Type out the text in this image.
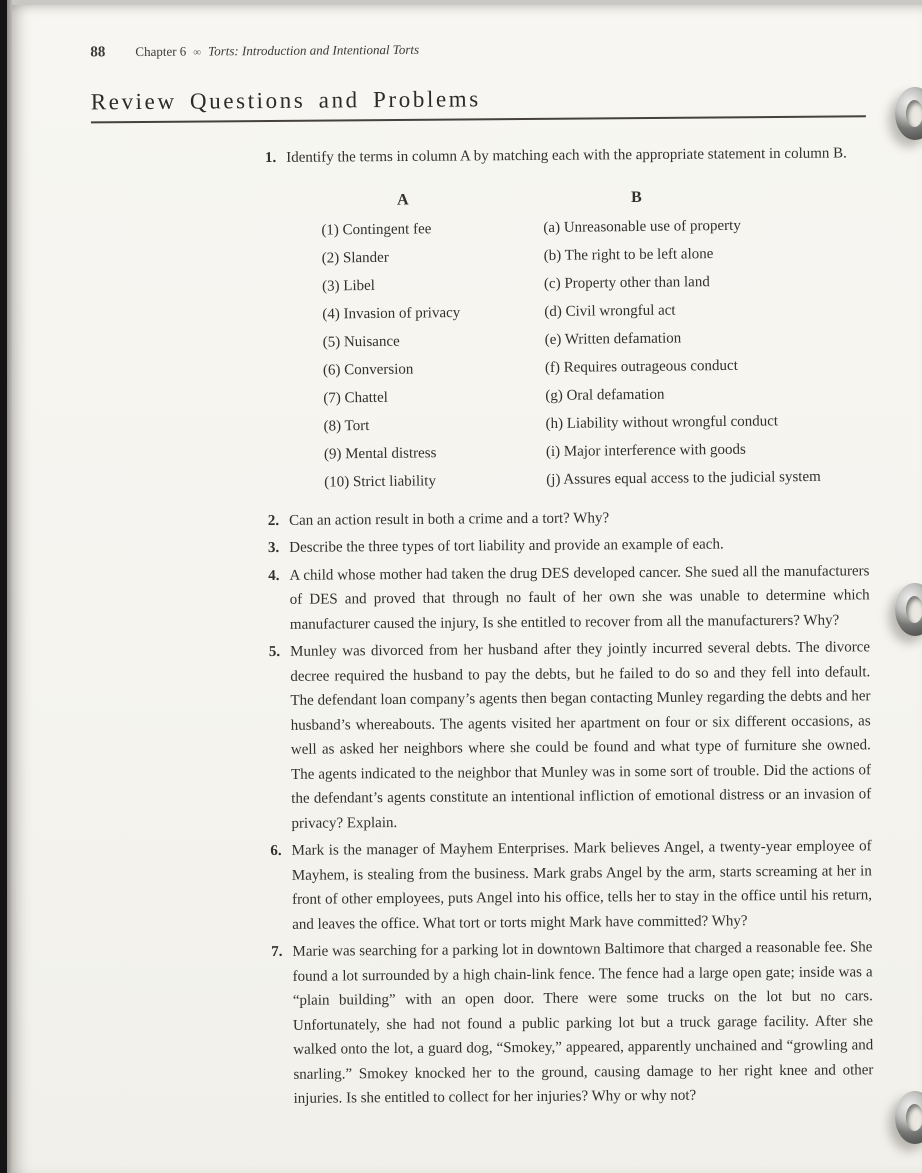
88 Chapter 6 ∞ Torts: Introduction and Intentional Torts
Review Questions and Problems
1. Identify the terms in column A by matching each with the appropriate statement in column B.

A	B
(1) Contingent fee	(a) Unreasonable use of property
(2) Slander	(b) The right to be left alone
(3) Libel	(c) Property other than land
(4) Invasion of privacy	(d) Civil wrongful act
(5) Nuisance	(e) Written defamation
(6) Conversion	(f) Requires outrageous conduct
(7) Chattel	(g) Oral defamation
(8) Tort	(h) Liability without wrongful conduct
(9) Mental distress	(i) Major interference with goods
(10) Strict liability	(j) Assures equal access to the judicial system
2. Can an action result in both a crime and a tort? Why?

3. Describe the three types of tort liability and provide an example of each.

4. A child whose mother had taken the drug DES developed cancer. She sued all the manufacturers of DES and proved that through no fault of her own she was unable to determine which manufacturer caused the injury, Is she entitled to recover from all the manufacturers? Why?

5. Munley was divorced from her husband after they jointly incurred several debts. The divorce decree required the husband to pay the debts, but he failed to do so and they fell into default. The defendant loan company’s agents then began contacting Munley regarding the debts and her husband’s whereabouts. The agents visited her apartment on four or six different occasions, as well as asked her neighbors where she could be found and what type of furniture she owned. The agents indicated to the neighbor that Munley was in some sort of trouble. Did the actions of the defendant’s agents constitute an intentional infliction of emotional distress or an invasion of privacy? Explain.

6. Mark is the manager of Mayhem Enterprises. Mark believes Angel, a twenty-year employee of Mayhem, is stealing from the business. Mark grabs Angel by the arm, starts screaming at her in front of other employees, puts Angel into his office, tells her to stay in the office until his return, and leaves the office. What tort or torts might Mark have committed? Why?

7. Marie was searching for a parking lot in downtown Baltimore that charged a reasonable fee. She found a lot surrounded by a high chain-link fence. The fence had a large open gate; inside was a “plain building” with an open door. There were some trucks on the lot but no cars. Unfortunately, she had not found a public parking lot but a truck garage facility. After she walked onto the lot, a guard dog, “Smokey,” appeared, apparently unchained and “growling and snarling.” Smokey knocked her to the ground, causing damage to her right knee and other injuries. Is she entitled to collect for her injuries? Why or why not?
